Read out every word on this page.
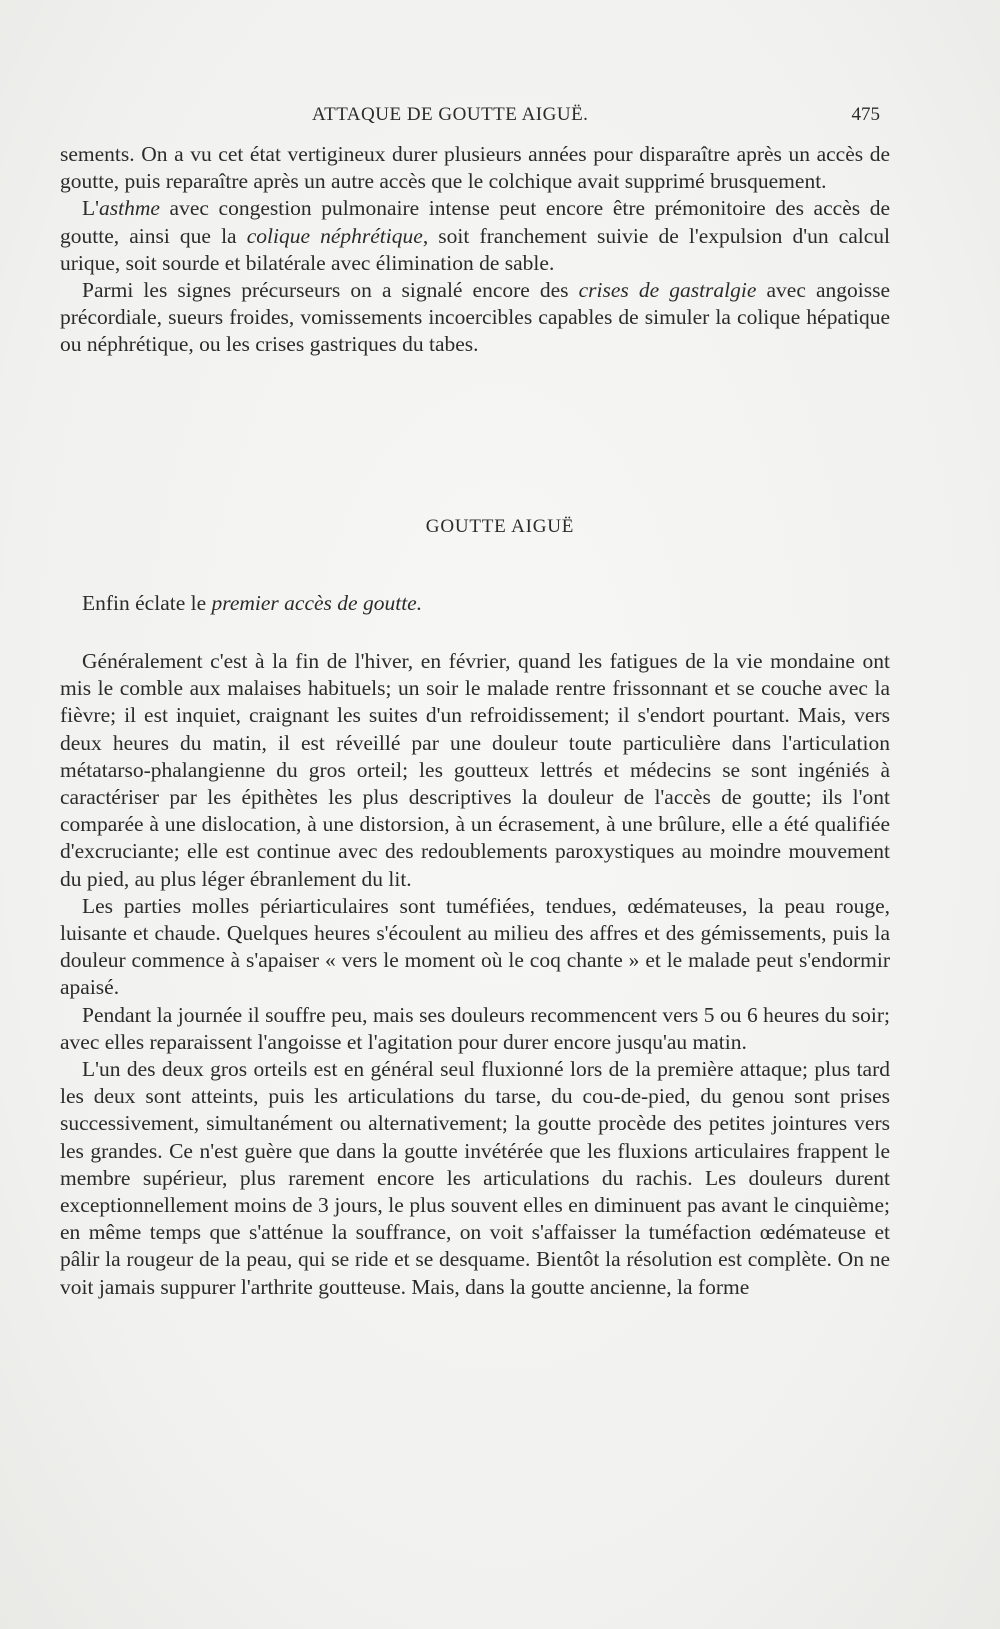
ATTAQUE DE GOUTTE AIGUË.	475

sements. On a vu cet état vertigineux durer plusieurs années pour disparaître après un accès de goutte, puis reparaître après un autre accès que le colchique avait supprimé brusquement.

L'asthme avec congestion pulmonaire intense peut encore être prémonitoire des accès de goutte, ainsi que la colique néphrétique, soit franchement suivie de l'expulsion d'un calcul urique, soit sourde et bilatérale avec élimination de sable.

Parmi les signes précurseurs on a signalé encore des crises de gastralgie avec angoisse précordiale, sueurs froides, vomissements incoercibles capables de simuler la colique hépatique ou néphrétique, ou les crises gastriques du tabes.

GOUTTE AIGUË

Enfin éclate le premier accès de goutte.

Généralement c'est à la fin de l'hiver, en février, quand les fatigues de la vie mondaine ont mis le comble aux malaises habituels; un soir le malade rentre frissonnant et se couche avec la fièvre; il est inquiet, craignant les suites d'un refroidissement; il s'endort pourtant. Mais, vers deux heures du matin, il est réveillé par une douleur toute particulière dans l'articulation métatarso-phalangienne du gros orteil; les goutteux lettrés et médecins se sont ingéniés à caractériser par les épithètes les plus descriptives la douleur de l'accès de goutte; ils l'ont comparée à une dislocation, à une distorsion, à un écrasement, à une brûlure, elle a été qualifiée d'excruciante; elle est continue avec des redoublements paroxystiques au moindre mouvement du pied, au plus léger ébranlement du lit.

Les parties molles périarticulaires sont tuméfiées, tendues, œdémateuses, la peau rouge, luisante et chaude. Quelques heures s'écoulent au milieu des affres et des gémissements, puis la douleur commence à s'apaiser « vers le moment où le coq chante » et le malade peut s'endormir apaisé.

Pendant la journée il souffre peu, mais ses douleurs recommencent vers 5 ou 6 heures du soir; avec elles reparaissent l'angoisse et l'agitation pour durer encore jusqu'au matin.

L'un des deux gros orteils est en général seul fluxionné lors de la première attaque; plus tard les deux sont atteints, puis les articulations du tarse, du cou-de-pied, du genou sont prises successivement, simultanément ou alternativement; la goutte procède des petites jointures vers les grandes. Ce n'est guère que dans la goutte invétérée que les fluxions articulaires frappent le membre supérieur, plus rarement encore les articulations du rachis. Les douleurs durent exceptionnellement moins de 3 jours, le plus souvent elles en diminuent pas avant le cinquième; en même temps que s'atténue la souffrance, on voit s'affaisser la tuméfaction œdémateuse et pâlir la rougeur de la peau, qui se ride et se desquame. Bientôt la résolution est complète. On ne voit jamais suppurer l'arthrite goutteuse. Mais, dans la goutte ancienne, la forme
